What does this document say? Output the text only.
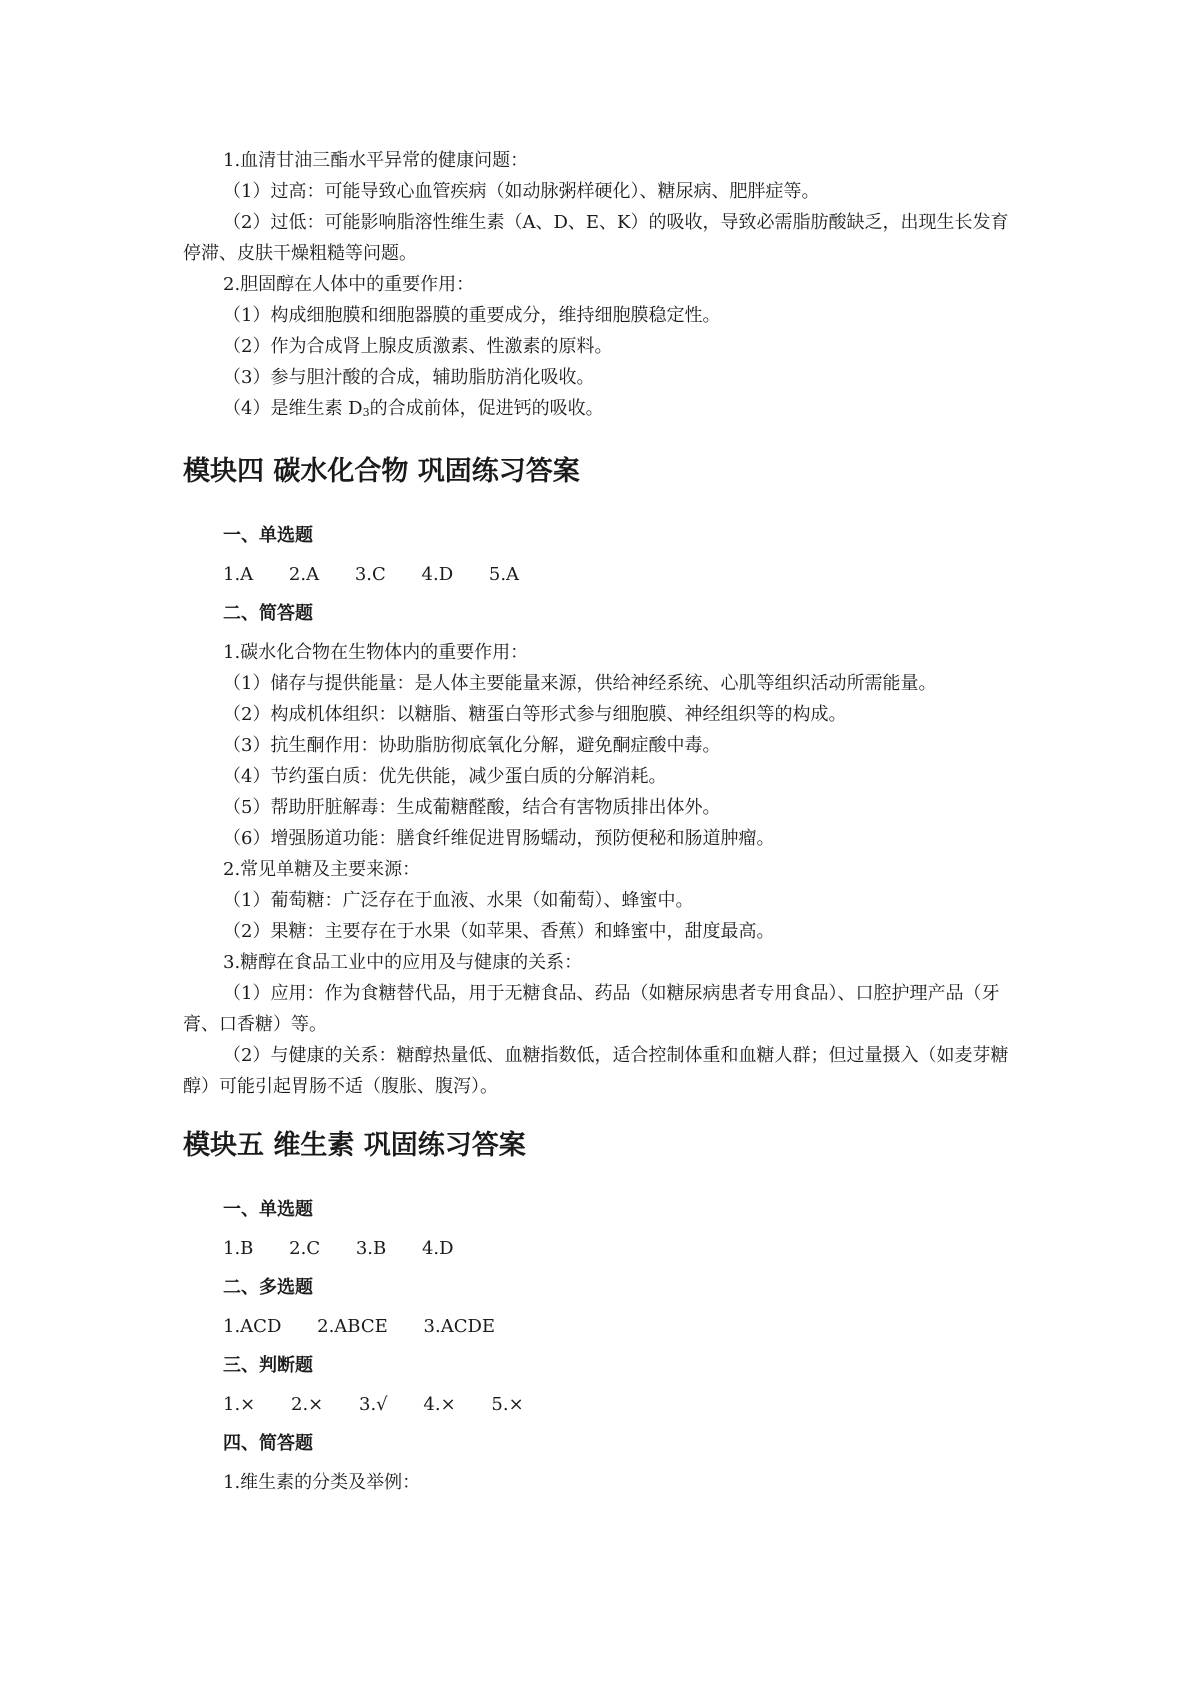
1.血清甘油三酯水平异常的健康问题：

（1）过高：可能导致心血管疾病（如动脉粥样硬化）、糖尿病、肥胖症等。

（2）过低：可能影响脂溶性维生素（A、D、E、K）的吸收，导致必需脂肪酸缺乏，出现生长发育停滞、皮肤干燥粗糙等问题。

2.胆固醇在人体中的重要作用：

（1）构成细胞膜和细胞器膜的重要成分，维持细胞膜稳定性。

（2）作为合成肾上腺皮质激素、性激素的原料。

（3）参与胆汁酸的合成，辅助脂肪消化吸收。

（4）是维生素 $D_3$的合成前体，促进钙的吸收。

模块四 碳水化合物 巩固练习答案

一、单选题

1.A 2.A 3.C 4.D 5.A

二、简答题

1.碳水化合物在生物体内的重要作用：

（1）储存与提供能量：是人体主要能量来源，供给神经系统、心肌等组织活动所需能量。

（2）构成机体组织：以糖脂、糖蛋白等形式参与细胞膜、神经组织等的构成。

（3）抗生酮作用：协助脂肪彻底氧化分解，避免酮症酸中毒。

（4）节约蛋白质：优先供能，减少蛋白质的分解消耗。

（5）帮助肝脏解毒：生成葡糖醛酸，结合有害物质排出体外。

（6）增强肠道功能：膳食纤维促进胃肠蠕动，预防便秘和肠道肿瘤。

2.常见单糖及主要来源：

（1）葡萄糖：广泛存在于血液、水果（如葡萄）、蜂蜜中。

（2）果糖：主要存在于水果（如苹果、香蕉）和蜂蜜中，甜度最高。

3.糖醇在食品工业中的应用及与健康的关系：

（1）应用：作为食糖替代品，用于无糖食品、药品（如糖尿病患者专用食品）、口腔护理产品（牙膏、口香糖）等。

（2）与健康的关系：糖醇热量低、血糖指数低，适合控制体重和血糖人群；但过量摄入（如麦芽糖醇）可能引起胃肠不适（腹胀、腹泻）。

模块五 维生素 巩固练习答案

一、单选题

1.B 2.C 3.B 4.D

二、多选题

1.ACD 2.ABCE 3.ACDE

三、判断题

1.× 2.× 3.√ 4.× 5.×

四、简答题

1.维生素的分类及举例：
